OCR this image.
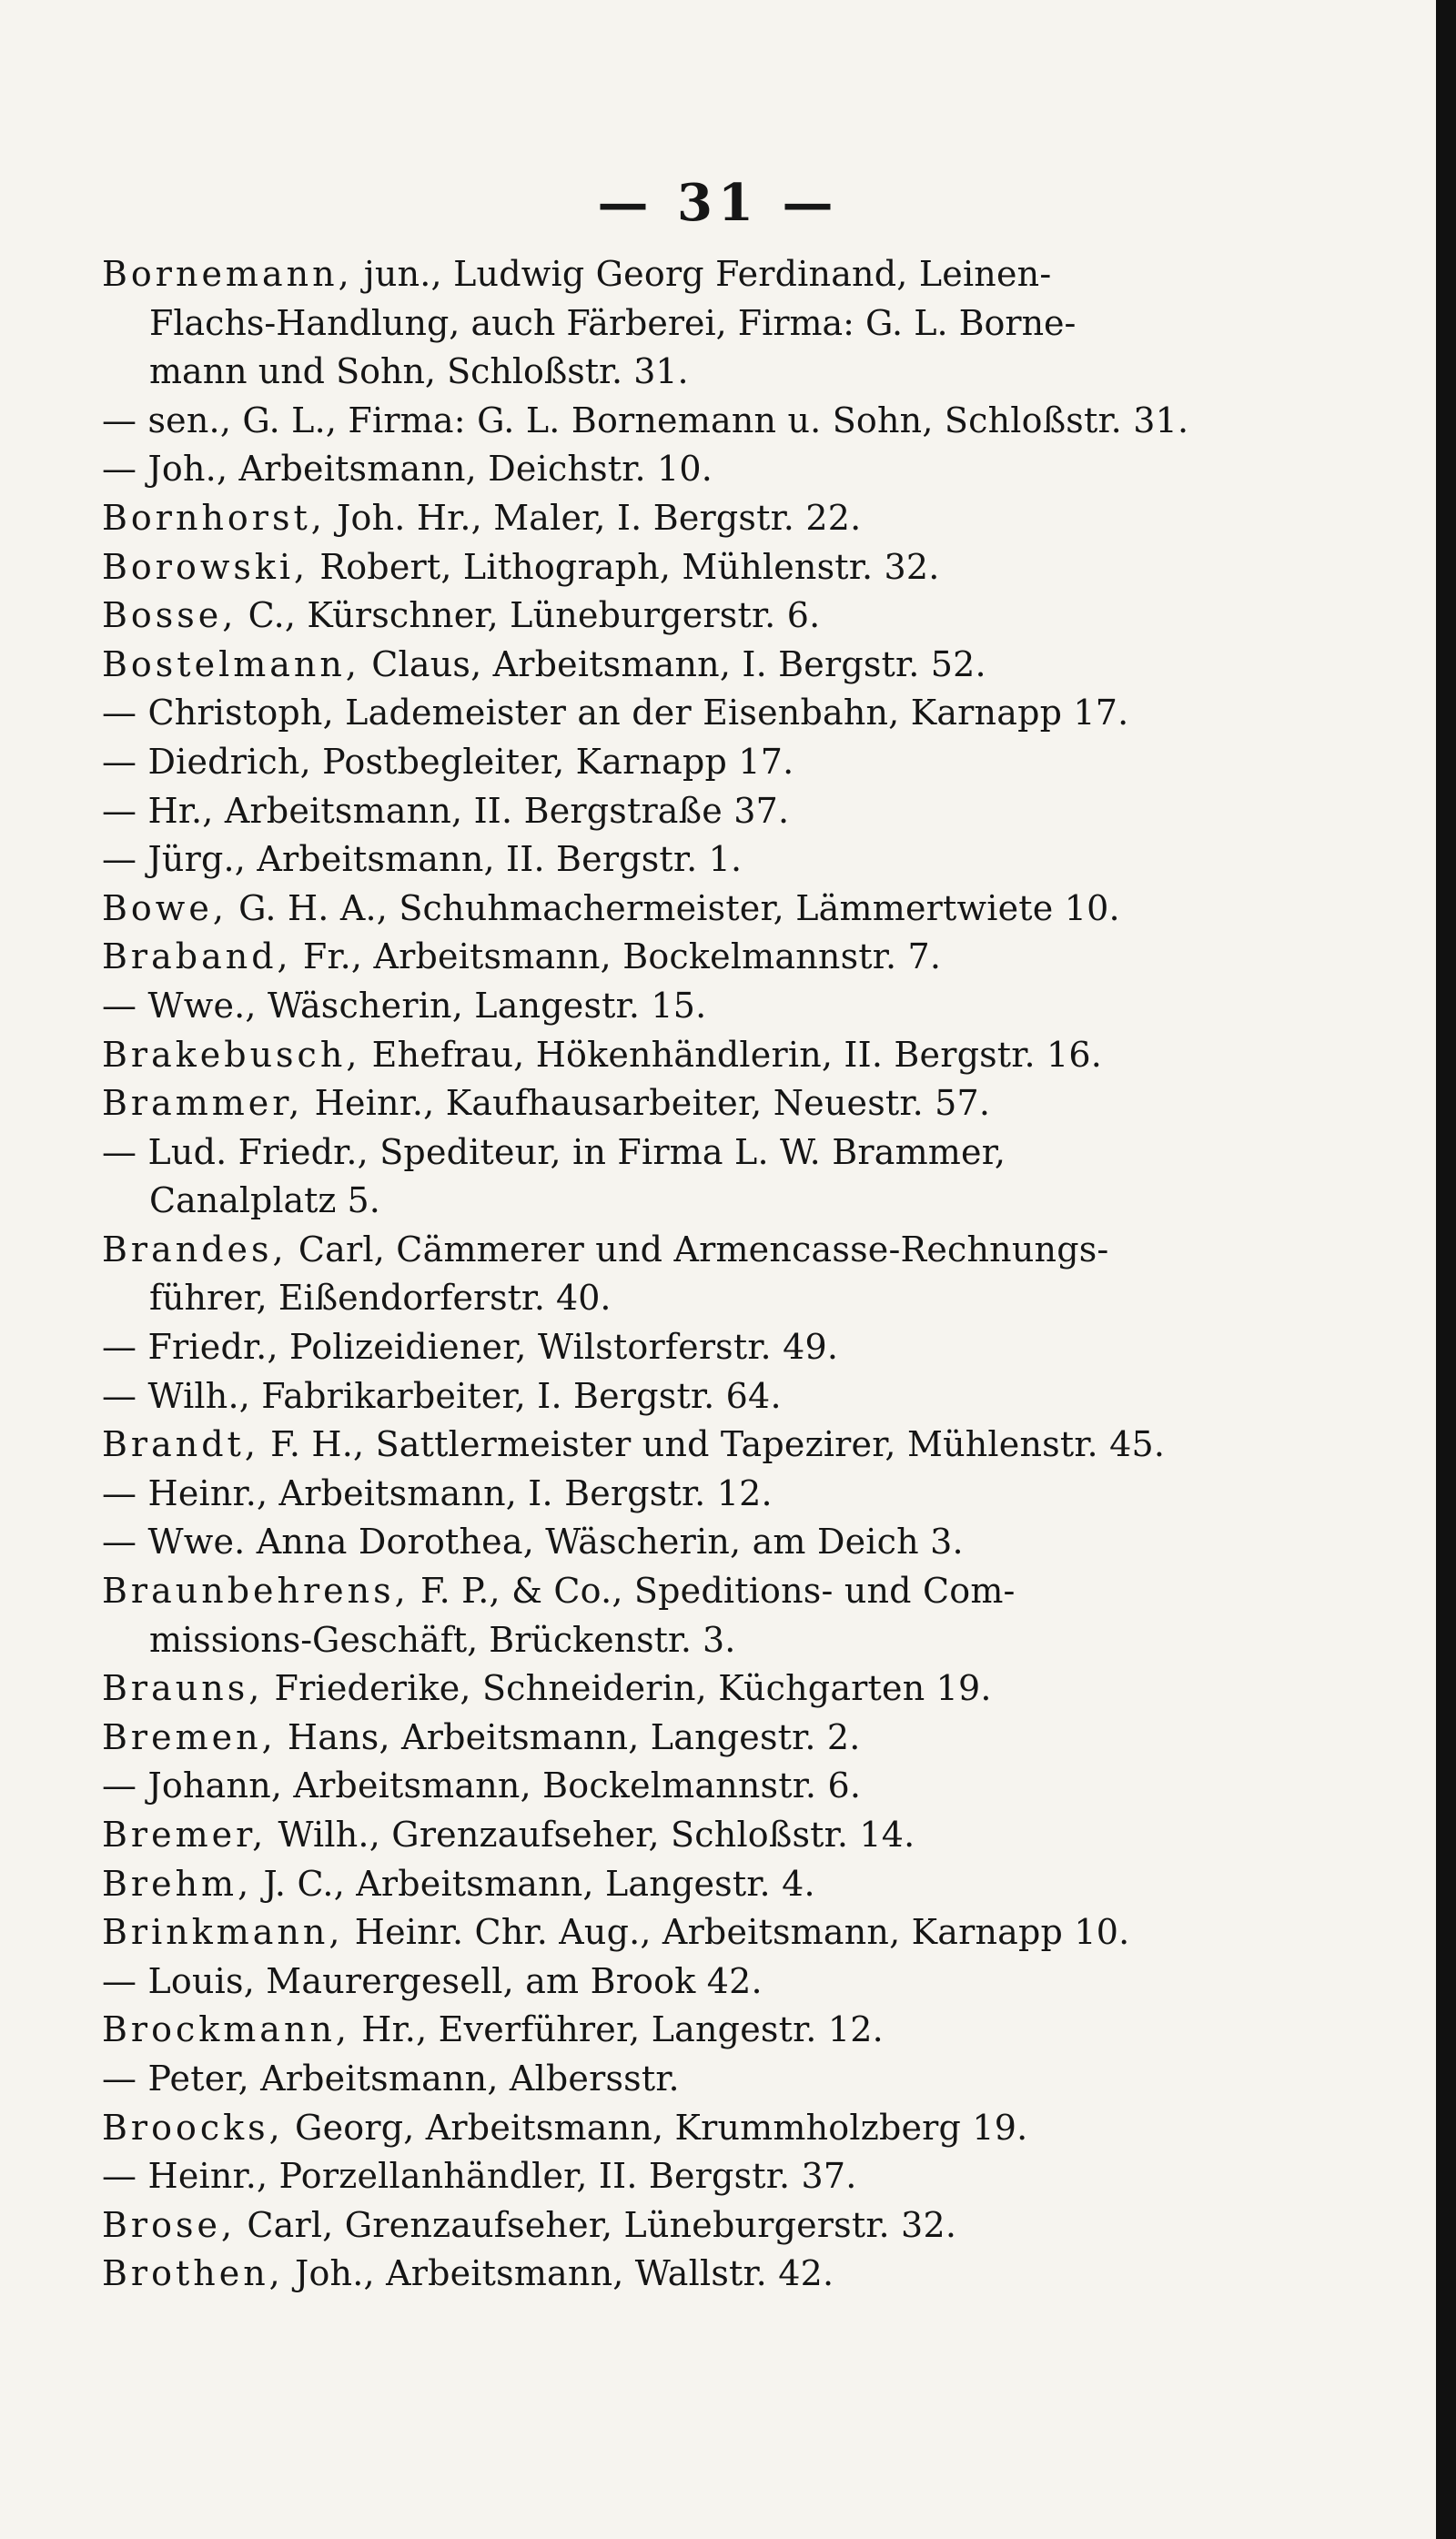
— 31 —

Bornemann, jun., Ludwig Georg Ferdinand, Leinen-

Flachs-Handlung, auch Färberei, Firma: G. L. Borne-

mann und Sohn, Schloßstr. 31.

— sen., G. L., Firma: G. L. Bornemann u. Sohn, Schloßstr. 31.

— Joh., Arbeitsmann, Deichstr. 10.

Bornhorst, Joh. Hr., Maler, I. Bergstr. 22.

Borowski, Robert, Lithograph, Mühlenstr. 32.

Bosse, C., Kürschner, Lüneburgerstr. 6.

Bostelmann, Claus, Arbeitsmann, I. Bergstr. 52.

— Christoph, Lademeister an der Eisenbahn, Karnapp 17.

— Diedrich, Postbegleiter, Karnapp 17.

— Hr., Arbeitsmann, II. Bergstraße 37.

— Jürg., Arbeitsmann, II. Bergstr. 1.

Bowe, G. H. A., Schuhmachermeister, Lämmertwiete 10.

Braband, Fr., Arbeitsmann, Bockelmannstr. 7.

— Wwe., Wäscherin, Langestr. 15.

Brakebusch, Ehefrau, Hökenhändlerin, II. Bergstr. 16.

Brammer, Heinr., Kaufhausarbeiter, Neuestr. 57.

— Lud. Friedr., Spediteur, in Firma L. W. Brammer,

Canalplatz 5.

Brandes, Carl, Cämmerer und Armencasse-Rechnungs-

führer, Eißendorferstr. 40.

— Friedr., Polizeidiener, Wilstorferstr. 49.

— Wilh., Fabrikarbeiter, I. Bergstr. 64.

Brandt, F. H., Sattlermeister und Tapezirer, Mühlenstr. 45.

— Heinr., Arbeitsmann, I. Bergstr. 12.

— Wwe. Anna Dorothea, Wäscherin, am Deich 3.

Braunbehrens, F. P., & Co., Speditions- und Com-

missions-Geschäft, Brückenstr. 3.

Brauns, Friederike, Schneiderin, Küchgarten 19.

Bremen, Hans, Arbeitsmann, Langestr. 2.

— Johann, Arbeitsmann, Bockelmannstr. 6.

Bremer, Wilh., Grenzaufseher, Schloßstr. 14.

Brehm, J. C., Arbeitsmann, Langestr. 4.

Brinkmann, Heinr. Chr. Aug., Arbeitsmann, Karnapp 10.

— Louis, Maurergesell, am Brook 42.

Brockmann, Hr., Everführer, Langestr. 12.

— Peter, Arbeitsmann, Albersstr.

Broocks, Georg, Arbeitsmann, Krummholzberg 19.

— Heinr., Porzellanhändler, II. Bergstr. 37.

Brose, Carl, Grenzaufseher, Lüneburgerstr. 32.

Brothen, Joh., Arbeitsmann, Wallstr. 42.
